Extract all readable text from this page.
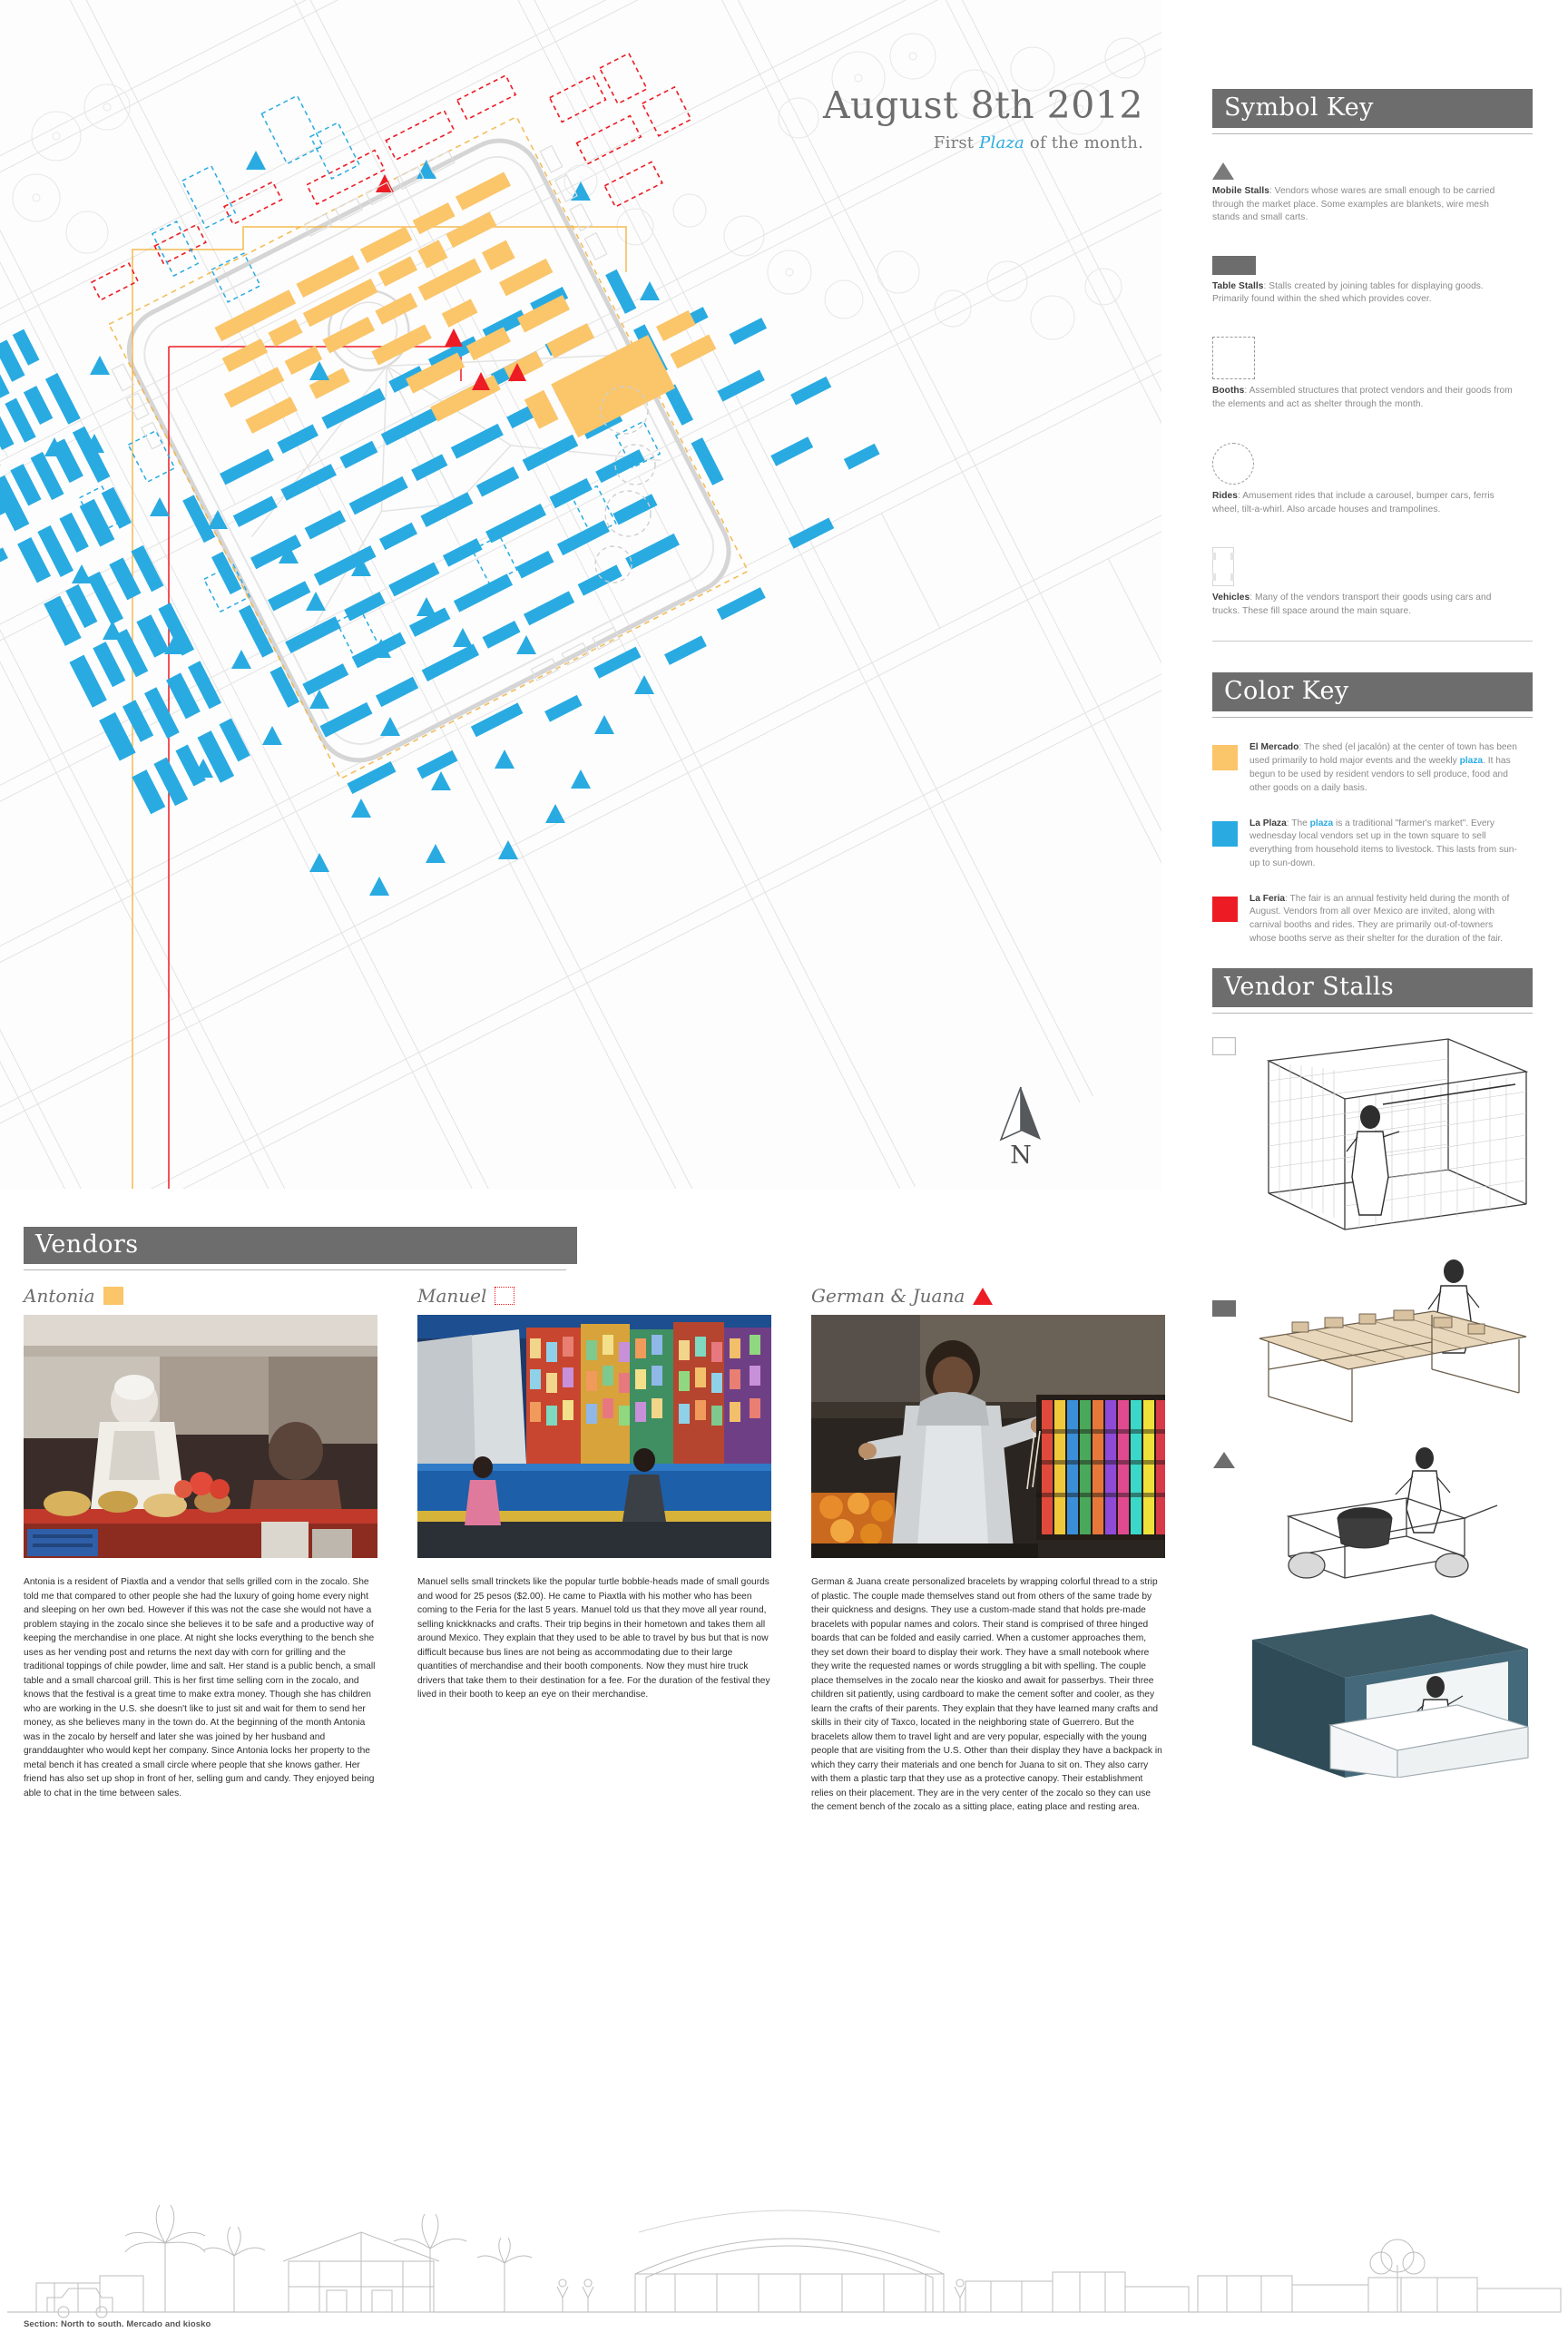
N
August 8th 2012
First Plaza of the month.
Symbol Key

Mobile Stalls: Vendors whose wares are small enough to be carried through the market place. Some examples are blankets, wire mesh stands and small carts.

Table Stalls: Stalls created by joining tables for displaying goods. Primarily found within the shed which provides cover.

Booths: Assembled structures that protect vendors and their goods from the elements and act as shelter through the month.

Rides: Amusement rides that include a carousel, bumper cars, ferris wheel, tilt-a-whirl. Also arcade houses and trampolines.

Vehicles: Many of the vendors transport their goods using cars and trucks. These fill space around the main square.

Color Key

El Mercado: The shed (el jacalón) at the center of town has been used primarily to hold major events and the weekly plaza. It has begun to be used by resident vendors to sell produce, food and other goods on a daily basis.

La Plaza: The plaza is a traditional "farmer's market". Every wednesday local vendors set up in the town square to sell everything from household items to livestock. This lasts from sun-up to sun-down.

La Feria: The fair is an annual festivity held during the month of August. Vendors from all over Mexico are invited, along with carnival booths and rides. They are primarily out-of-towners whose booths serve as their shelter for the duration of the fair.

Vendor Stalls
Vendors
Antonia
Antonia is a resident of Piaxtla and a vendor that sells grilled corn in the zocalo. She told me that compared to other people she had the luxury of going home every night and sleeping on her own bed. However if this was not the case she would not have a problem staying in the zocalo since she believes it to be safe and a productive way of keeping the merchandise in one place. At night she locks everything to the bench she uses as her vending post and returns the next day with corn for grilling and the traditional toppings of chile powder, lime and salt. Her stand is a public bench, a small table and a small charcoal grill. This is her first time selling corn in the zocalo, and knows that the festival is a great time to make extra money. Though she has children who are working in the U.S. she doesn't like to just sit and wait for them to send her money, as she believes many in the town do. At the beginning of the month Antonia was in the zocalo by herself and later she was joined by her husband and granddaughter who would kept her company. Since Antonia locks her property to the metal bench it has created a small circle where people that she knows gather. Her friend has also set up shop in front of her, selling gum and candy. They enjoyed being able to chat in the time between sales.
Manuel
Manuel sells small trinckets like the popular turtle bobble-heads made of small gourds and wood for 25 pesos ($2.00). He came to Piaxtla with his mother who has been coming to the Feria for the last 5 years. Manuel told us that they move all year round, selling knickknacks and crafts. Their trip begins in their hometown and takes them all around Mexico. They explain that they used to be able to travel by bus but that is now difficult because bus lines are not being as accommodating due to their large quantities of merchandise and their booth components. Now they must hire truck drivers that take them to their destination for a fee. For the duration of the festival they lived in their booth to keep an eye on their merchandise.
German & Juana
German & Juana create personalized bracelets by wrapping colorful thread to a strip of plastic. The couple made themselves stand out from others of the same trade by their quickness and designs. They use a custom-made stand that holds pre-made bracelets with popular names and colors. Their stand is comprised of three hinged boards that can be folded and easily carried. When a customer approaches them, they set down their board to display their work. They have a small notebook where they write the requested names or words struggling a bit with spelling. The couple place themselves in the zocalo near the kiosko and await for passerbys. Their three children sit patiently, using cardboard to make the cement softer and cooler, as they learn the crafts of their parents. They explain that they have learned many crafts and skills in their city of Taxco, located in the neighboring state of Guerrero. But the bracelets allow them to travel light and are very popular, especially with the young people that are visiting from the U.S. Other than their display they have a backpack in which they carry their materials and one bench for Juana to sit on. They also carry with them a plastic tarp that they use as a protective canopy. Their establishment relies on their placement. They are in the very center of the zocalo so they can use the cement bench of the zocalo as a sitting place, eating place and resting area.
Section: North to south. Mercado and kiosko
